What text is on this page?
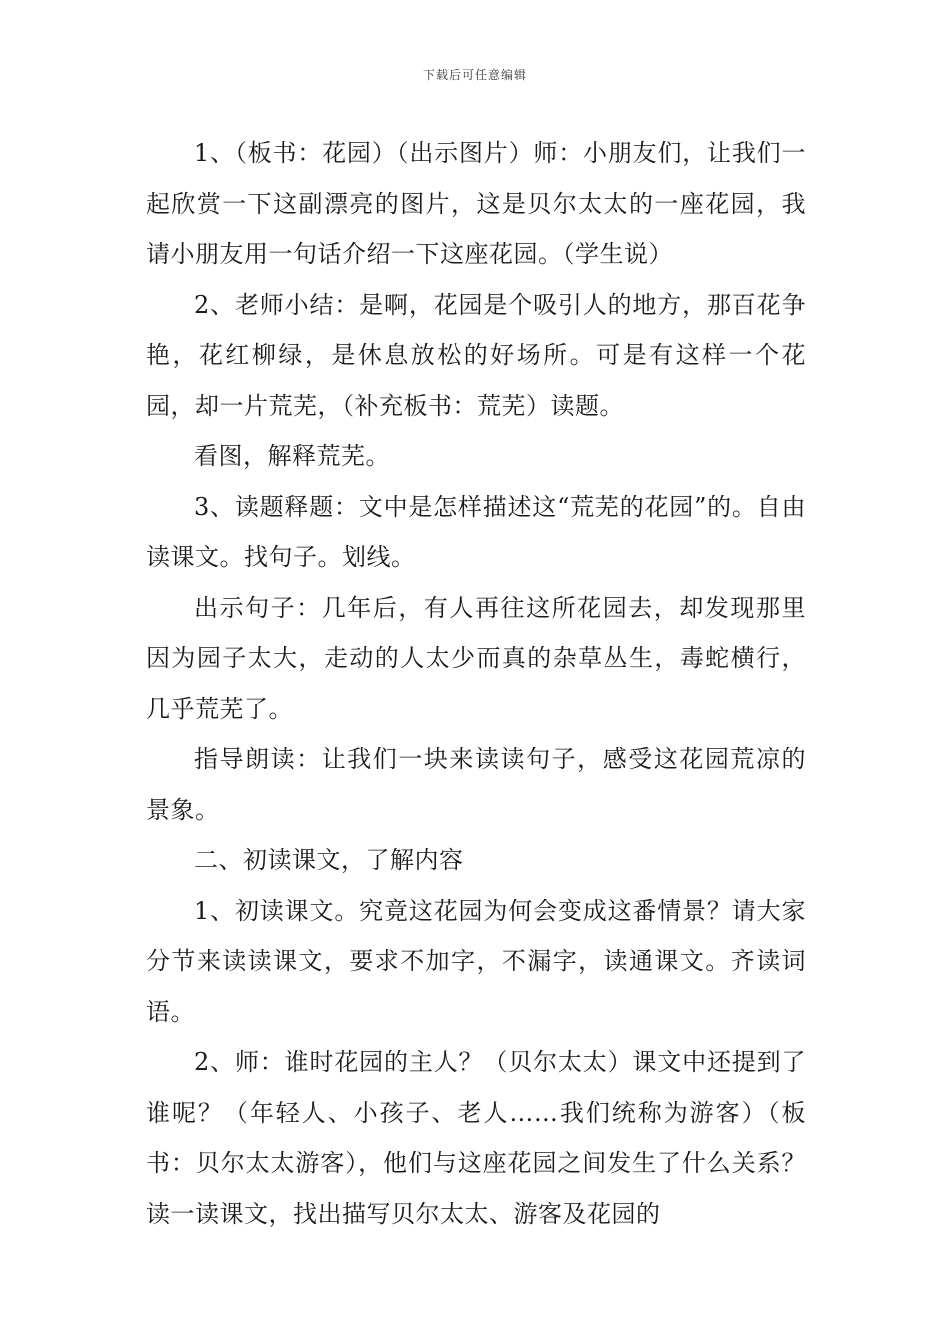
下载后可任意编辑

1、（板书：花园）（出示图片）师：小朋友们，让我们一起欣赏一下这副漂亮的图片，这是贝尔太太的一座花园，我请小朋友用一句话介绍一下这座花园。（学生说）

2、老师小结：是啊，花园是个吸引人的地方，那百花争艳，花红柳绿，是休息放松的好场所。可是有这样一个花园，却一片荒芜，（补充板书：荒芜）读题。

看图，解释荒芜。

3、读题释题：文中是怎样描述这“荒芜的花园”的。自由读课文。找句子。划线。

出示句子：几年后，有人再往这所花园去，却发现那里因为园子太大，走动的人太少而真的杂草丛生，毒蛇横行，几乎荒芜了。

指导朗读：让我们一块来读读句子，感受这花园荒凉的景象。

二、初读课文，了解内容

1、初读课文。究竟这花园为何会变成这番情景？请大家分节来读读课文，要求不加字，不漏字，读通课文。齐读词语。

2、师：谁时花园的主人？（贝尔太太）课文中还提到了谁呢？（年轻人、小孩子、老人……我们统称为游客）（板书：贝尔太太游客），他们与这座花园之间发生了什么关系？读一读课文，找出描写贝尔太太、游客及花园的
